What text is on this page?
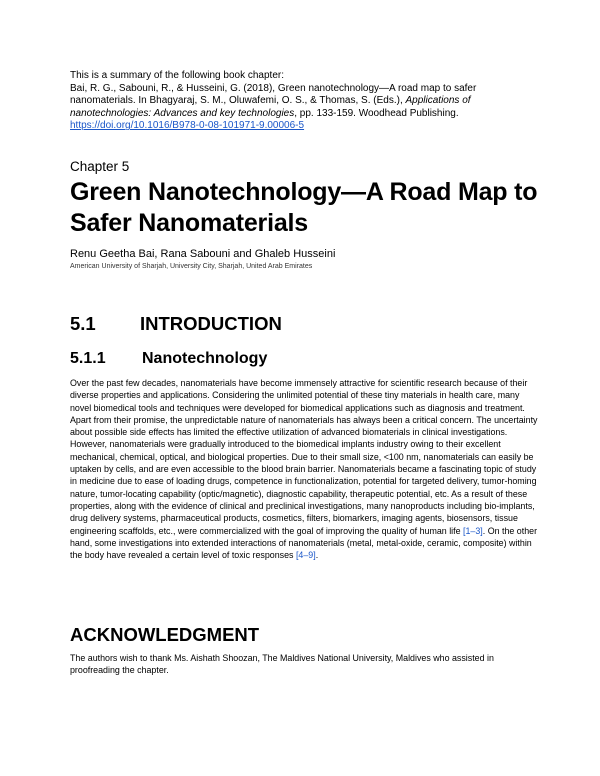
This is a summary of the following book chapter:

Bai, R. G., Sabouni, R., & Husseini, G. (2018), Green nanotechnology—A road map to safer nanomaterials. In Bhagyaraj, S. M., Oluwafemi, O. S., & Thomas, S. (Eds.), Applications of nanotechnologies: Advances and key technologies, pp. 133-159. Woodhead Publishing.

https://doi.org/10.1016/B978-0-08-101971-9.00006-5

Chapter 5
Green Nanotechnology—A Road Map to Safer Nanomaterials
Renu Geetha Bai, Rana Sabouni and Ghaleb Husseini
American University of Sharjah, University City, Sharjah, United Arab Emirates
5.1 INTRODUCTION
5.1.1 Nanotechnology

Over the past few decades, nanomaterials have become immensely attractive for scientific research because of their diverse properties and applications. Considering the unlimited potential of these tiny materials in health care, many novel biomedical tools and techniques were developed for biomedical applications such as diagnosis and treatment. Apart from their promise, the unpredictable nature of nanomaterials has always been a critical concern. The uncertainty about possible side effects has limited the effective utilization of advanced biomaterials in clinical investigations. However, nanomaterials were gradually introduced to the biomedical implants industry owing to their excellent mechanical, chemical, optical, and biological properties. Due to their small size, <100 nm, nanomaterials can easily be uptaken by cells, and are even accessible to the blood brain barrier. Nanomaterials became a fascinating topic of study in medicine due to ease of loading drugs, competence in functionalization, potential for targeted delivery, tumor-homing nature, tumor-locating capability (optic/magnetic), diagnostic capability, therapeutic potential, etc. As a result of these properties, along with the evidence of clinical and preclinical investigations, many nanoproducts including bio-implants, drug delivery systems, pharmaceutical products, cosmetics, filters, biomarkers, imaging agents, biosensors, tissue engineering scaffolds, etc., were commercialized with the goal of improving the quality of human life [1–3]. On the other hand, some investigations into extended interactions of nanomaterials (metal, metal-oxide, ceramic, composite) within the body have revealed a certain level of toxic responses [4–9].

ACKNOWLEDGMENT

The authors wish to thank Ms. Aishath Shoozan, The Maldives National University, Maldives who assisted in proofreading the chapter.
